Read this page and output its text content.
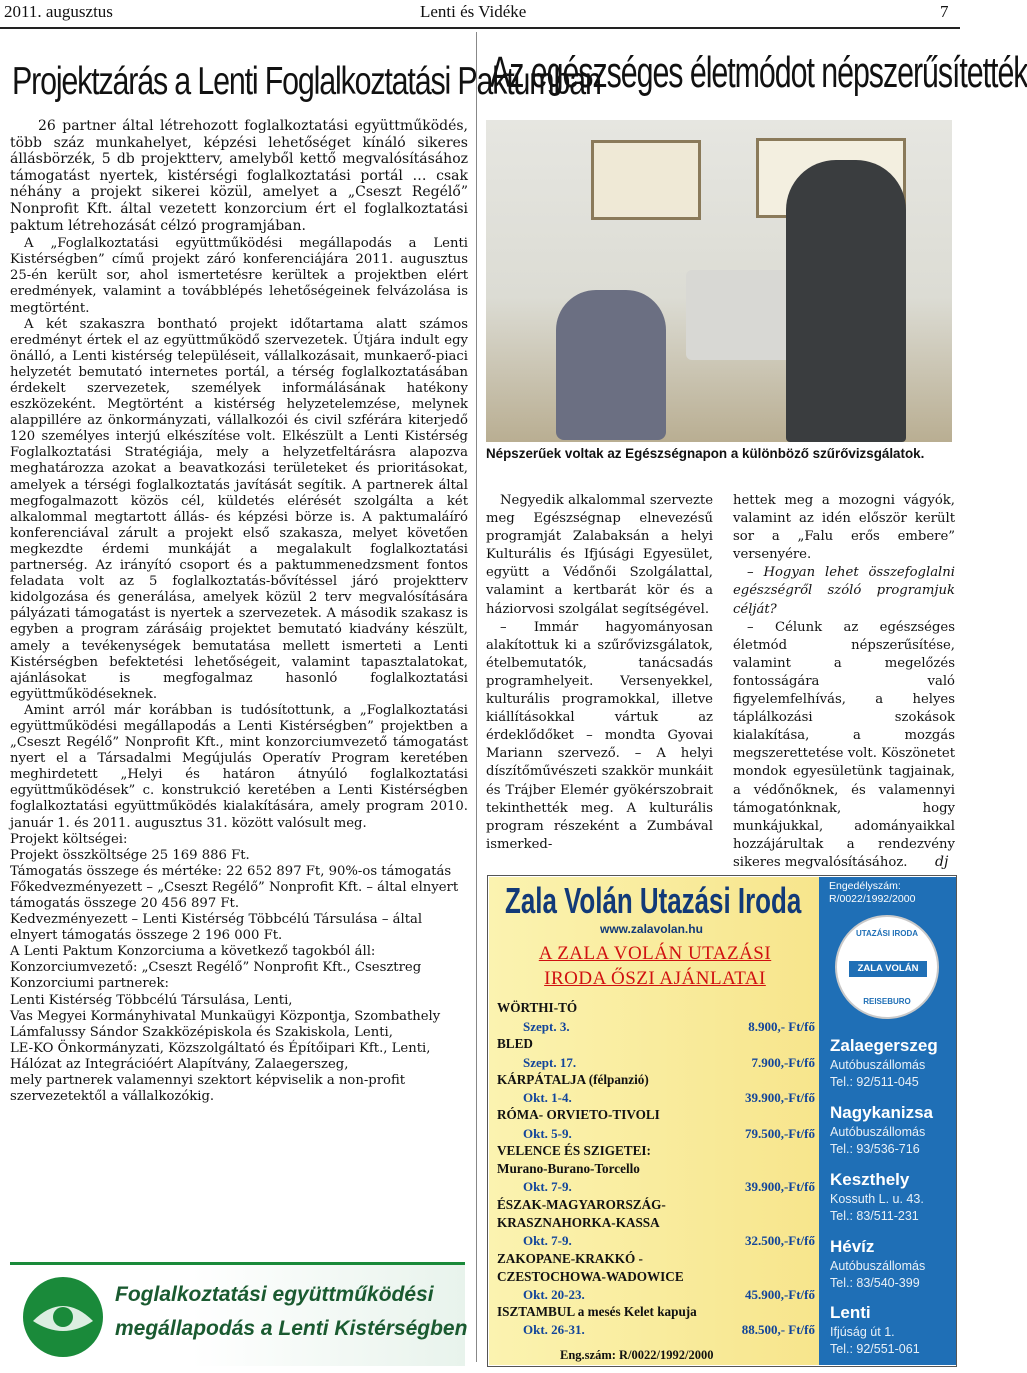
2011. augusztus	Lenti és Vidéke	7
Projektzárás a Lenti Foglalkoztatási Paktumban

26 partner által létrehozott foglalkoztatási együttműködés, több száz munkahelyet, képzési lehetőséget kínáló sikeres állásbörzék, 5 db projektterv, amelyből kettő megvalósításához támogatást nyertek, kistérségi foglalkoztatási portál … csak néhány a projekt sikerei közül, amelyet a „Cseszt Regélő” Nonprofit Kft. által vezetett konzorcium ért el foglalkoztatási paktum létrehozását célzó programjában.

A „Foglalkoztatási együttműködési megállapodás a Lenti Kistérségben” című projekt záró konferenciájára 2011. augusztus 25-én került sor, ahol ismertetésre kerültek a projektben elért eredmények, valamint a továbblépés lehetőségeinek felvázolása is megtörtént.

A két szakaszra bontható projekt időtartama alatt számos eredményt értek el az együttműködő szervezetek. Útjára indult egy önálló, a Lenti kistérség településeit, vállalkozásait, munkaerő-piaci helyzetét bemutató internetes portál, a térség foglalkoztatásában érdekelt szervezetek, személyek informálásának hatékony eszközeként. Megtörtént a kistérség helyzetelemzése, melynek alappillére az önkormányzati, vállalkozói és civil szférára kiterjedő 120 személyes interjú elkészítése volt. Elkészült a Lenti Kistérség Foglalkoztatási Stratégiája, mely a helyzetfeltárásra alapozva meghatározza azokat a beavatkozási területeket és prioritásokat, amelyek a térségi foglalkoztatás javítását segítik. A partnerek által megfogalmazott közös cél, küldetés elérését szolgálta a két alkalommal megtartott állás- és képzési börze is. A paktumaláíró konferenciával zárult a projekt első szakasza, melyet követően megkezdte érdemi munkáját a megalakult foglalkoztatási partnerség. Az irányító csoport és a paktummenedzsment fontos feladata volt az 5 foglalkoztatás-bővítéssel járó projektterv kidolgozása és generálása, amelyek közül 2 terv megvalósítására pályázati támogatást is nyertek a szervezetek. A második szakasz is egyben a program zárásáig projektet bemutató kiadvány készült, amely a tevékenységek bemutatása mellett ismerteti a Lenti Kistérségben befektetési lehetőségeit, valamint tapasztalatokat, ajánlásokat is megfogalmaz hasonló foglalkoztatási együttműködéseknek.

Amint arról már korábban is tudósítottunk, a „Foglalkoztatási együttműködési megállapodás a Lenti Kistérségben” projektben a „Cseszt Regélő” Nonprofit Kft., mint konzorciumvezető támogatást nyert el a Társadalmi Megújulás Operatív Program keretében meghirdetett „Helyi és határon átnyúló foglalkoztatási együttműködések” c. konstrukció keretében a Lenti Kistérségben foglalkoztatási együttműködés kialakítására, amely program 2010. január 1. és 2011. augusztus 31. között valósult meg.

Projekt költségei:

Projekt összköltsége 25 169 886 Ft.

Támogatás összege és mértéke: 22 652 897 Ft, 90%-os támogatás

Főkedvezményezett – „Cseszt Regélő” Nonprofit Kft. – által elnyert támogatás összege 20 456 897 Ft.

Kedvezményezett – Lenti Kistérség Többcélú Társulása – által elnyert támogatás összege 2 196 000 Ft.

A Lenti Paktum Konzorciuma a következő tagokból áll:

Konzorciumvezető: „Cseszt Regélő” Nonprofit Kft., Csesztreg

Konzorciumi partnerek:

Lenti Kistérség Többcélú Társulása, Lenti,

Vas Megyei Kormányhivatal Munkaügyi Központja, Szombathely

Lámfalussy Sándor Szakközépiskola és Szakiskola, Lenti,

LE-KO Önkormányzati, Közszolgáltató és Építőipari Kft., Lenti,

Hálózat az Integrációért Alapítvány, Zalaegerszeg,

mely partnerek valamennyi szektort képviselik a non-profit szervezetektől a vállalkozókig.

Foglalkoztatási együttműködési
megállapodás a Lenti Kistérségben
Az egészséges életmódot népszerűsítették
Népszerűek voltak az Egészségnapon a különböző szűrővizsgálatok.

Negyedik alkalommal szervezte meg Egészségnap elnevezésű programját Zalabaksán a helyi Kulturális és Ifjúsági Egyesület, együtt a Védőnői Szolgálattal, valamint a kertbarát kör és a háziorvosi szolgálat segítségével.

– Immár hagyományosan alakítottuk ki a szűrővizsgálatok, ételbemutatók, tanácsadás programhelyeit. Versenyekkel, kulturális programokkal, illetve kiállításokkal vártuk az érdeklődőket – mondta Gyovai Mariann szervező. – A helyi díszítőművészeti szakkör munkáit és Trájber Elemér gyökérszobrait tekinthették meg. A kulturális program részeként a Zumbával ismerked-

hettek meg a mozogni vágyók, valamint az idén először került sor a „Falu erős embere” versenyére.

– Hogyan lehet összefoglalni egészségről szóló programjuk célját?

– Célunk az egészséges életmód népszerűsítése, valamint a megelőzés fontosságára való figyelemfelhívás, a helyes táplálkozási szokások kialakítása, a mozgás megszerettetése volt. Köszönetet mondok egyesületünk tagjainak, a védőnőknek, és valamennyi támogatónknak, hogy munkájukkal, adományaikkal hozzájárultak a rendezvény sikeres megvalósításához.	dj
Zala Volán Utazási Iroda
www.zalavolan.hu
A ZALA VOLÁN UTAZÁSI
IRODA ŐSZI AJÁNLATAI
WÖRTHI-TÓ
Szept. 3.	8.900,- Ft/fő
BLED
Szept. 17.	7.900,-Ft/fő
KÁRPÁTALJA (félpanzió)
Okt. 1-4.	39.900,-Ft/fő
RÓMA- ORVIETO-TIVOLI
Okt. 5-9.	79.500,-Ft/fő
VELENCE ÉS SZIGETEI:
Murano-Burano-Torcello
Okt. 7-9.	39.900,-Ft/fő
ÉSZAK-MAGYARORSZÁG-
KRASZNAHORKA-KASSA
Okt. 7-9.	32.500,-Ft/fő
ZAKOPANE-KRAKKÓ -
CZESTOCHOWA-WADOWICE
Okt. 20-23.	45.900,-Ft/fő
ISZTAMBUL a mesés Kelet kapuja
Okt. 26-31.	88.500,- Ft/fő
Eng.szám: R/0022/1992/2000
Engedélyszám:
R/0022/1992/2000
UTAZÁSI IRODA
ZALA VOLÁN
REISEBURO
Zalaegerszeg
Autóbuszállomás
Tel.: 92/511-045
Nagykanizsa
Autóbuszállomás
Tel.: 93/536-716
Keszthely
Kossuth L. u. 43.
Tel.: 83/511-231
Hévíz
Autóbuszállomás
Tel.: 83/540-399
Lenti
Ifjúság út 1.
Tel.: 92/551-061
